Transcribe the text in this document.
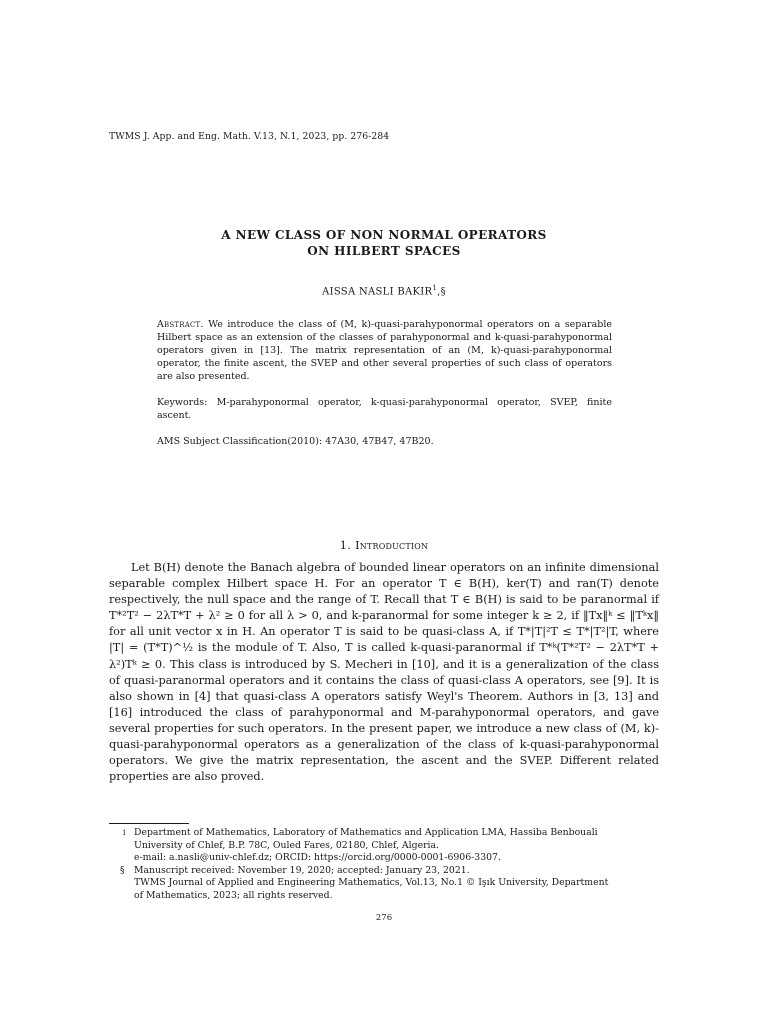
TWMS J. App. and Eng. Math. V.13, N.1, 2023, pp. 276-284
A NEW CLASS OF NON NORMAL OPERATORS
ON HILBERT SPACES
AISSA NASLI BAKIR$^1$,§

Abstract. We introduce the class of (M, k)-quasi-parahyponormal operators on a separable Hilbert space as an extension of the classes of parahyponormal and k-quasi-parahyponormal operators given in [13]. The matrix representation of an (M, k)-quasi-parahyponormal operator, the finite ascent, the SVEP and other several properties of such class of operators are also presented.

Keywords: M-parahyponormal operator, k-quasi-parahyponormal operator, SVEP, finite ascent.

AMS Subject Classification(2010): 47A30, 47B47, 47B20.

1. Introduction

Let B(H) denote the Banach algebra of bounded linear operators on an infinite dimensional separable complex Hilbert space H. For an operator T ∈ B(H), ker(T) and ran(T) denote respectively, the null space and the range of T. Recall that T ∈ B(H) is said to be paranormal if T*²T² − 2λT*T + λ² ≥ 0 for all λ > 0, and k-paranormal for some integer k ≥ 2, if ‖Tx‖ᵏ ≤ ‖Tᵏx‖ for all unit vector x in H. An operator T is said to be quasi-class A, if T*|T|²T ≤ T*|T²|T, where |T| = (T*T)^½ is the module of T. Also, T is called k-quasi-paranormal if T*ᵏ(T*²T² − 2λT*T + λ²)Tᵏ ≥ 0. This class is introduced by S. Mecheri in [10], and it is a generalization of the class of quasi-paranormal operators and it contains the class of quasi-class A operators, see [9]. It is also shown in [4] that quasi-class A operators satisfy Weyl's Theorem. Authors in [3, 13] and [16] introduced the class of parahyponormal and M-parahyponormal operators, and gave several properties for such operators. In the present paper, we introduce a new class of (M, k)-quasi-parahyponormal operators as a generalization of the class of k-quasi-parahyponormal operators. We give the matrix representation, the ascent and the SVEP. Different related properties are also proved.

1 Department of Mathematics, Laboratory of Mathematics and Application LMA, Hassiba Benbouali
University of Chlef, B.P. 78C, Ouled Fares, 02180, Chlef, Algeria.
e-mail: a.nasli@univ-chlef.dz; ORCID: https://orcid.org/0000-0001-6906-3307.
§ Manuscript received: November 19, 2020; accepted: January 23, 2021.
TWMS Journal of Applied and Engineering Mathematics, Vol.13, No.1 © Işık University, Department
of Mathematics, 2023; all rights reserved.
276
